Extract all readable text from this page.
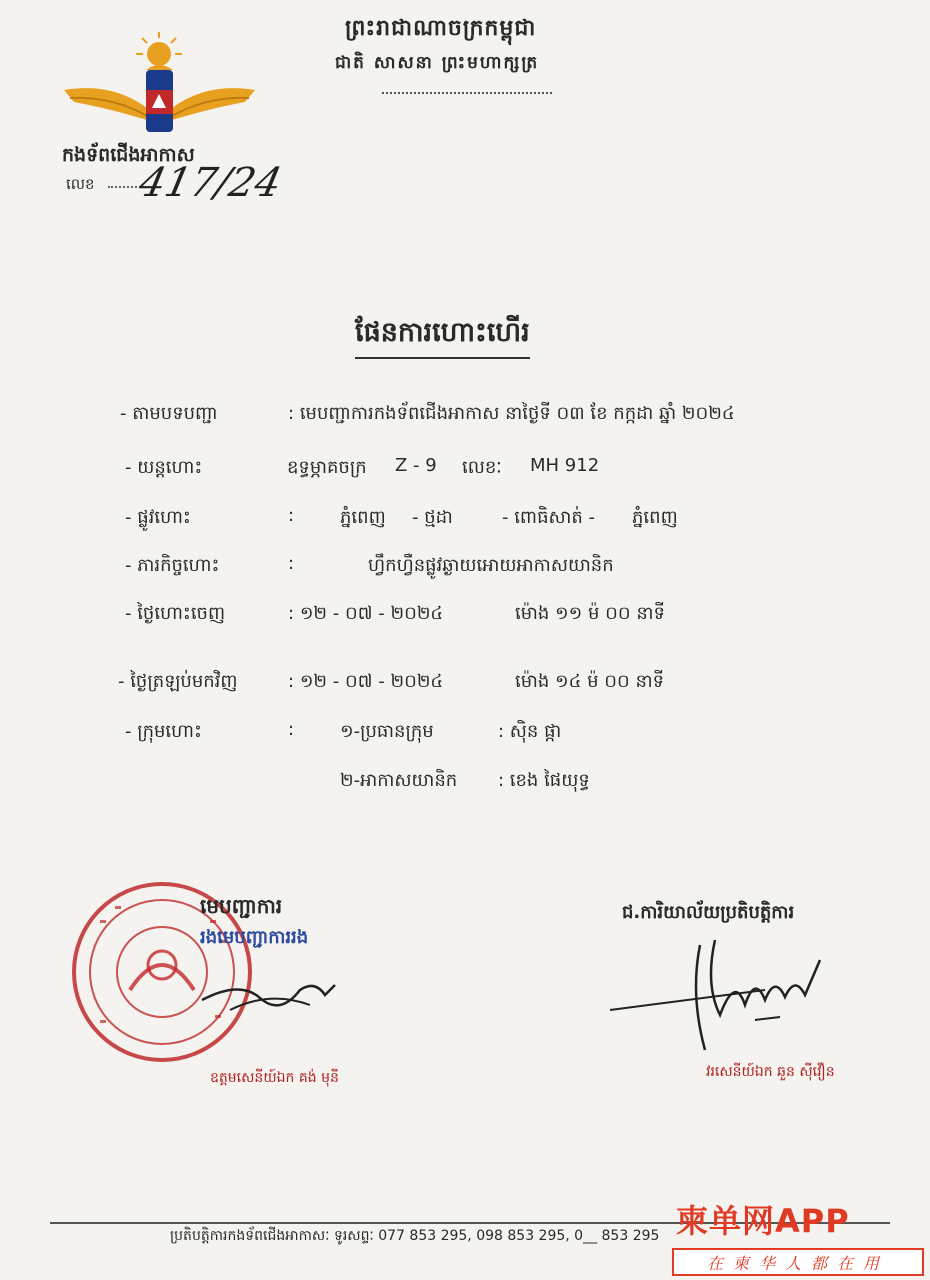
ព្រះរាជាណាចក្រកម្ពុជា
ជាតិ សាសនា ព្រះមហាក្សត្រ
កងទ័ពជើងអាកាស
លេខ 417/24
ផែនការហោះហើរ
- តាមបទបញ្ជា	: មេបញ្ជាការកងទ័ពជើងអាកាស នាថ្ងៃទី ០៣ ខែ កក្កដា ឆ្នាំ ២០២៤
- យន្តហោះ	ឧទ្ធម្ភាគចក្រ Z - 9 លេខៈ MH 912
- ផ្លូវហោះ	:	ភ្នំពេញ - ថ្មដា	- ពោធិសាត់ - ភ្នំពេញ
- ភារកិច្ចហោះ	:	ហ្វឹកហ្វឺនផ្លូវឆ្ងាយអោយអាកាសយានិក
- ថ្ងៃហោះចេញ	: ១២ - ០៧ - ២០២៤	ម៉ោង ១១ ម៉ ០០ នាទី
- ថ្ងៃត្រឡប់មកវិញ	: ១២ - ០៧ - ២០២៤	ម៉ោង ១៤ ម៉ ០០ នាទី
- ក្រុមហោះ	:	១-ប្រធានក្រុម	: ស៊ិន ផ្កា
២-អាកាសយានិក : ខេង ផៃយុទ្ធ
មេបញ្ជាការ
រងមេបញ្ជាការរង
ឧត្តមសេនីយ៍ឯក គង់ មុនី
ជ.ការិយាល័យប្រតិបត្តិការ
វរសេនីយ៍ឯក ឆួន ស៊ីវឿន
ប្រតិបត្តិការកងទ័ពជើងអាកាសៈ ទូរសព្ទៈ 077 853 295, 098 853 295, 0__ 853 295 柬单网APP
在柬华人都在用
